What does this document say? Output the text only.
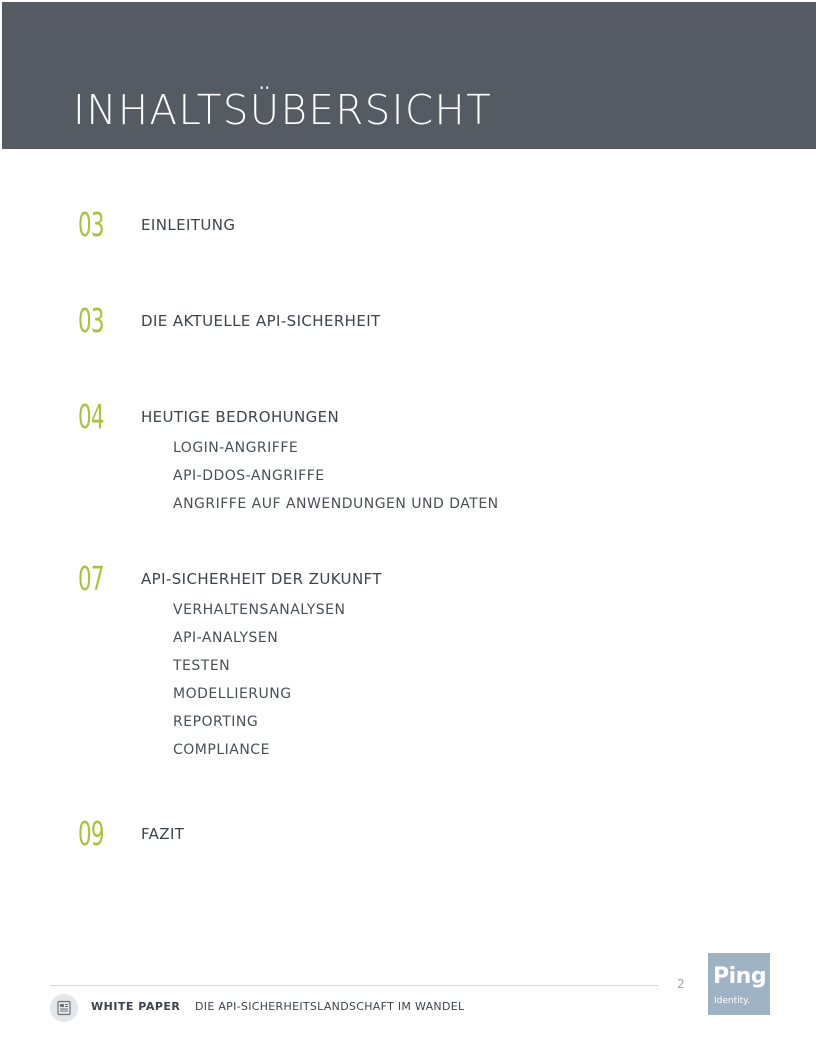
INHALTSÜBERSICHT
03 EINLEITUNG
03 DIE AKTUELLE API-SICHERHEIT
04 HEUTIGE BEDROHUNGEN
LOGIN-ANGRIFFE
API-DDOS-ANGRIFFE
ANGRIFFE AUF ANWENDUNGEN UND DATEN
07 API-SICHERHEIT DER ZUKUNFT
VERHALTENSANALYSEN
API-ANALYSEN
TESTEN
MODELLIERUNG
REPORTING
COMPLIANCE
09 FAZIT
2 Ping
Identity.
WHITE PAPER DIE API-SICHERHEITSLANDSCHAFT IM WANDEL
